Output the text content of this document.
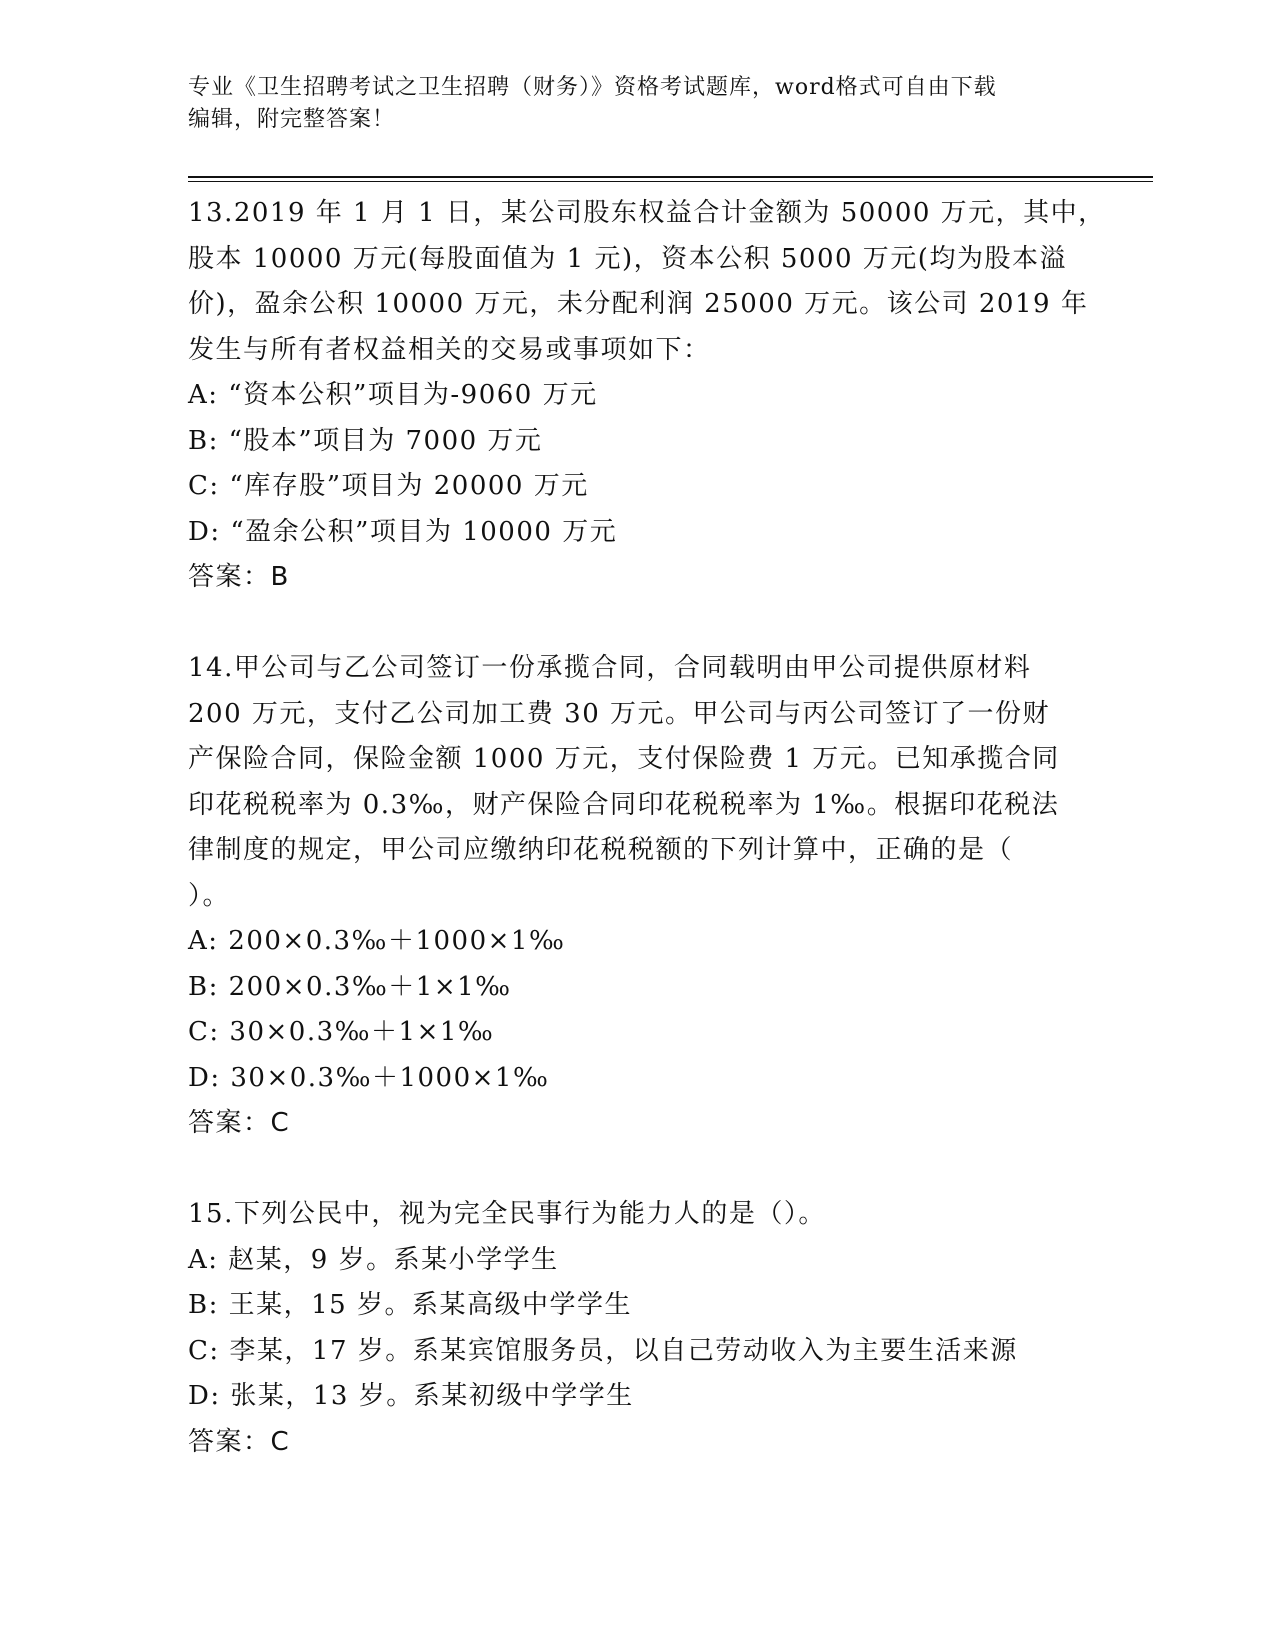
专业《卫生招聘考试之卫生招聘（财务）》资格考试题库，word格式可自由下载
编辑，附完整答案！
13.2019 年 1 月 1 日，某公司股东权益合计金额为 50000 万元，其中，
股本 10000 万元(每股面值为 1 元)，资本公积 5000 万元(均为股本溢
价)，盈余公积 10000 万元，未分配利润 25000 万元。该公司 2019 年
发生与所有者权益相关的交易或事项如下：
A: “资本公积”项目为-9060 万元
B: “股本”项目为 7000 万元
C: “库存股”项目为 20000 万元
D: “盈余公积”项目为 10000 万元
答案：B
14.甲公司与乙公司签订一份承揽合同，合同载明由甲公司提供原材料
200 万元，支付乙公司加工费 30 万元。甲公司与丙公司签订了一份财
产保险合同，保险金额 1000 万元，支付保险费 1 万元。已知承揽合同
印花税税率为 0.3‰，财产保险合同印花税税率为 1‰。根据印花税法
律制度的规定，甲公司应缴纳印花税税额的下列计算中，正确的是（
）。
A: 200×0.3‰＋1000×1‰
B: 200×0.3‰＋1×1‰
C: 30×0.3‰＋1×1‰
D: 30×0.3‰＋1000×1‰
答案：C
15.下列公民中，视为完全民事行为能力人的是（）。
A: 赵某，9 岁。系某小学学生
B: 王某，15 岁。系某高级中学学生
C: 李某，17 岁。系某宾馆服务员，以自己劳动收入为主要生活来源
D: 张某，13 岁。系某初级中学学生
答案：C
